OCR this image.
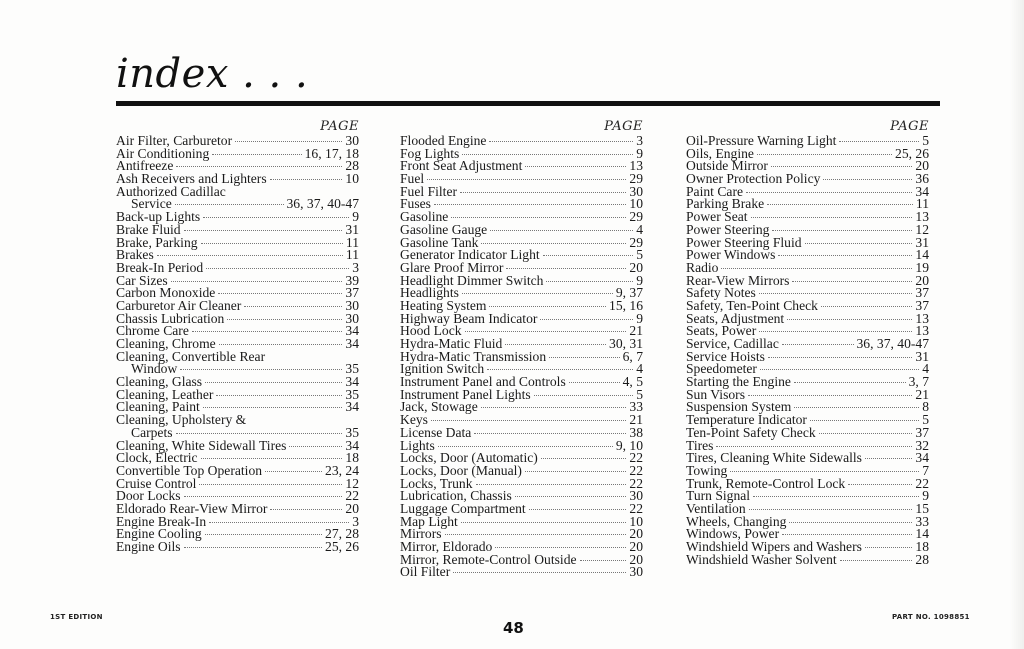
index . . .
PAGE
Air Filter, Carburetor	30
Air Conditioning	16, 17, 18
Antifreeze	28
Ash Receivers and Lighters	10
Authorized Cadillac
Service	36, 37, 40-47
Back-up Lights	9
Brake Fluid	31
Brake, Parking	11
Brakes	11
Break-In Period	3
Car Sizes	39
Carbon Monoxide	37
Carburetor Air Cleaner	30
Chassis Lubrication	30
Chrome Care	34
Cleaning, Chrome	34
Cleaning, Convertible Rear
Window	35
Cleaning, Glass	34
Cleaning, Leather	35
Cleaning, Paint	34
Cleaning, Upholstery &
Carpets	35
Cleaning, White Sidewall Tires	34
Clock, Electric	18
Convertible Top Operation	23, 24
Cruise Control	12
Door Locks	22
Eldorado Rear-View Mirror	20
Engine Break-In	3
Engine Cooling	27, 28
Engine Oils	25, 26
PAGE
Flooded Engine	3
Fog Lights	9
Front Seat Adjustment	13
Fuel	29
Fuel Filter	30
Fuses	10
Gasoline	29
Gasoline Gauge	4
Gasoline Tank	29
Generator Indicator Light	5
Glare Proof Mirror	20
Headlight Dimmer Switch	9
Headlights	9, 37
Heating System	15, 16
Highway Beam Indicator	9
Hood Lock	21
Hydra-Matic Fluid	30, 31
Hydra-Matic Transmission	6, 7
Ignition Switch	4
Instrument Panel and Controls	4, 5
Instrument Panel Lights	5
Jack, Stowage	33
Keys	21
License Data	38
Lights	9, 10
Locks, Door (Automatic)	22
Locks, Door (Manual)	22
Locks, Trunk	22
Lubrication, Chassis	30
Luggage Compartment	22
Map Light	10
Mirrors	20
Mirror, Eldorado	20
Mirror, Remote-Control Outside	20
Oil Filter	30
PAGE
Oil-Pressure Warning Light	5
Oils, Engine	25, 26
Outside Mirror	20
Owner Protection Policy	36
Paint Care	34
Parking Brake	11
Power Seat	13
Power Steering	12
Power Steering Fluid	31
Power Windows	14
Radio	19
Rear-View Mirrors	20
Safety Notes	37
Safety, Ten-Point Check	37
Seats, Adjustment	13
Seats, Power	13
Service, Cadillac	36, 37, 40-47
Service Hoists	31
Speedometer	4
Starting the Engine	3, 7
Sun Visors	21
Suspension System	8
Temperature Indicator	5
Ten-Point Safety Check	37
Tires	32
Tires, Cleaning White Sidewalls	34
Towing	7
Trunk, Remote-Control Lock	22
Turn Signal	9
Ventilation	15
Wheels, Changing	33
Windows, Power	14
Windshield Wipers and Washers	18
Windshield Washer Solvent	28
1ST EDITION
48
PART NO. 1098851
